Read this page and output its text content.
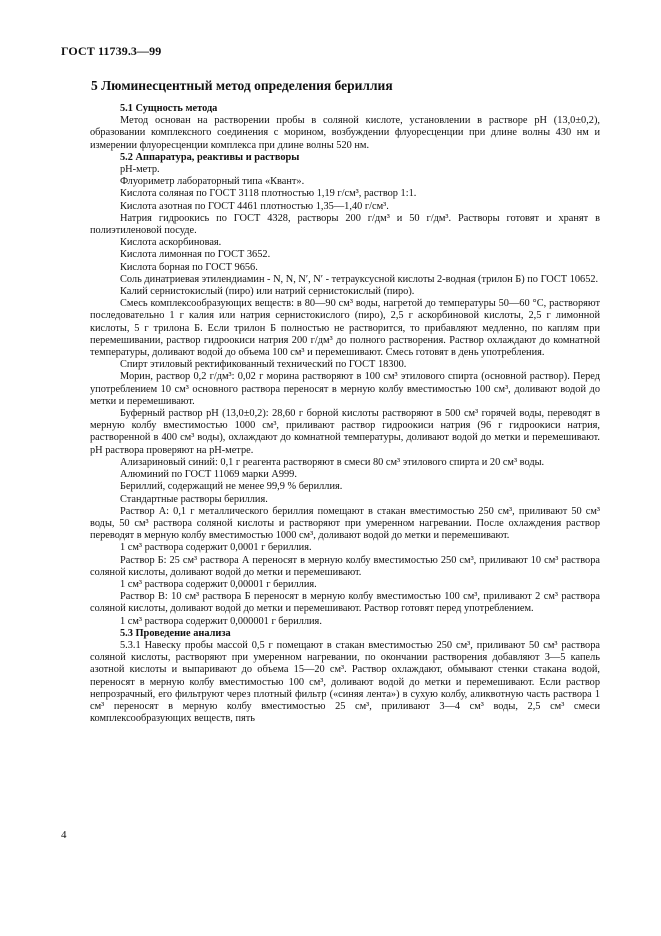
ГОСТ 11739.3—99
5 Люминесцентный метод определения бериллия

5.1 Сущность метода

Метод основан на растворении пробы в соляной кислоте, установлении в растворе pH (13,0±0,2), образовании комплексного соединения с морином, возбуждении флуоресценции при длине волны 430 нм и измерении флуоресценции комплекса при длине волны 520 нм.

5.2 Аппаратура, реактивы и растворы

pH-метр.

Флуориметр лабораторный типа «Квант».

Кислота соляная по ГОСТ 3118 плотностью 1,19 г/см³, раствор 1:1.

Кислота азотная по ГОСТ 4461 плотностью 1,35—1,40 г/см³.

Натрия гидроокись по ГОСТ 4328, растворы 200 г/дм³ и 50 г/дм³. Растворы готовят и хранят в полиэтиленовой посуде.

Кислота аскорбиновая.

Кислота лимонная по ГОСТ 3652.

Кислота борная по ГОСТ 9656.

Соль динатриевая этилендиамин - N, N, N′, N′ - тетрауксусной кислоты 2-водная (трилон Б) по ГОСТ 10652.

Калий сернистокислый (пиро) или натрий сернистокислый (пиро).

Смесь комплексообразующих веществ: в 80—90 см³ воды, нагретой до температуры 50—60 °С, растворяют последовательно 1 г калия или натрия сернистокислого (пиро), 2,5 г аскорбиновой кислоты, 2,5 г лимонной кислоты, 5 г трилона Б. Если трилон Б полностью не растворится, то прибавляют медленно, по каплям при перемешивании, раствор гидроокиси натрия 200 г/дм³ до полного растворения. Раствор охлаждают до комнатной температуры, доливают водой до объема 100 см³ и перемешивают. Смесь готовят в день употребления.

Спирт этиловый ректификованный технический по ГОСТ 18300.

Морин, раствор 0,2 г/дм³: 0,02 г морина растворяют в 100 см³ этилового спирта (основной раствор). Перед употреблением 10 см³ основного раствора переносят в мерную колбу вместимостью 100 см³, доливают водой до метки и перемешивают.

Буферный раствор pH (13,0±0,2): 28,60 г борной кислоты растворяют в 500 см³ горячей воды, переводят в мерную колбу вместимостью 1000 см³, приливают раствор гидроокиси натрия (96 г гидроокиси натрия, растворенной в 400 см³ воды), охлаждают до комнатной температуры, доливают водой до метки и перемешивают. pH раствора проверяют на pH-метре.

Ализариновый синий: 0,1 г реагента растворяют в смеси 80 см³ этилового спирта и 20 см³ воды.

Алюминий по ГОСТ 11069 марки А999.

Бериллий, содержащий не менее 99,9 % бериллия.

Стандартные растворы бериллия.

Раствор А: 0,1 г металлического бериллия помещают в стакан вместимостью 250 см³, приливают 50 см³ воды, 50 см³ раствора соляной кислоты и растворяют при умеренном нагревании. После охлаждения раствор переводят в мерную колбу вместимостью 1000 см³, доливают водой до метки и перемешивают.

1 см³ раствора содержит 0,0001 г бериллия.

Раствор Б: 25 см³ раствора А переносят в мерную колбу вместимостью 250 см³, приливают 10 см³ раствора соляной кислоты, доливают водой до метки и перемешивают.

1 см³ раствора содержит 0,00001 г бериллия.

Раствор В: 10 см³ раствора Б переносят в мерную колбу вместимостью 100 см³, приливают 2 см³ раствора соляной кислоты, доливают водой до метки и перемешивают. Раствор готовят перед употреблением.

1 см³ раствора содержит 0,000001 г бериллия.

5.3 Проведение анализа

5.3.1 Навеску пробы массой 0,5 г помещают в стакан вместимостью 250 см³, приливают 50 см³ раствора соляной кислоты, растворяют при умеренном нагревании, по окончании растворения добавляют 3—5 капель азотной кислоты и выпаривают до объема 15—20 см³. Раствор охлаждают, обмывают стенки стакана водой, переносят в мерную колбу вместимостью 100 см³, доливают водой до метки и перемешивают. Если раствор непрозрачный, его фильтруют через плотный фильтр («синяя лента») в сухую колбу, аликвотную часть раствора 1 см³ переносят в мерную колбу вместимостью 25 см³, приливают 3—4 см³ воды, 2,5 см³ смеси комплексообразующих веществ, пять

4
